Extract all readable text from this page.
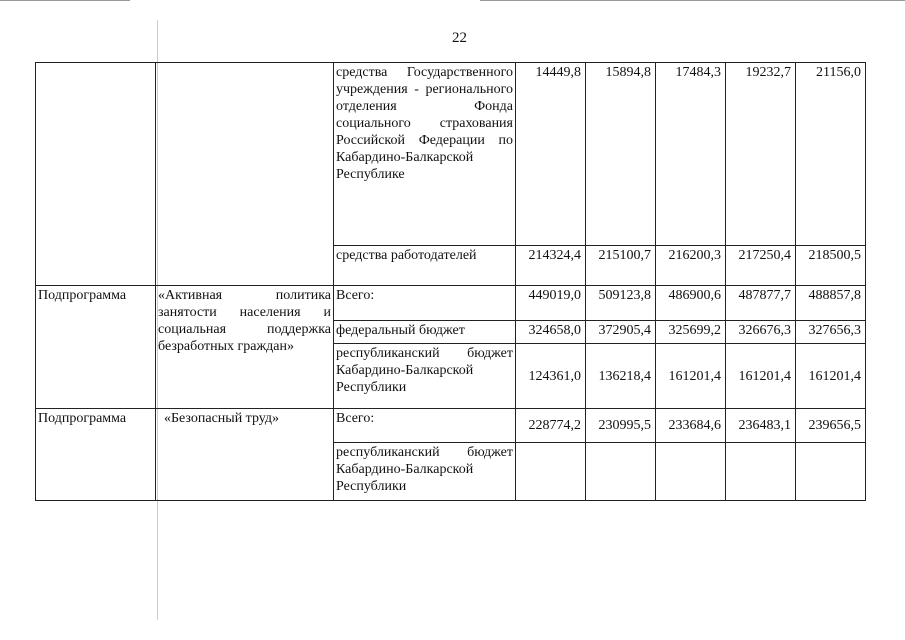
22
		средства Государственного учреждения - регионального отделения Фонда социального страхования Российской Федерации по Кабардино-Балкарской Республике	14449,8	15894,8	17484,3	19232,7	21156,0
		средства работодателей	214324,4	215100,7	216200,3	217250,4	218500,5
Подпрограмма	«Активная политика занятости населения и социальная поддержка безработных граждан»	Всего:	449019,0	509123,8	486900,6	487877,7	488857,8
		федеральный бюджет	324658,0	372905,4	325699,2	326676,3	327656,3
		республиканский бюджет Кабардино-Балкарской Республики	124361,0	136218,4	161201,4	161201,4	161201,4
Подпрограмма	«Безопасный труд»	Всего:	228774,2	230995,5	233684,6	236483,1	239656,5
		республиканский бюджет Кабардино-Балкарской Республики					
